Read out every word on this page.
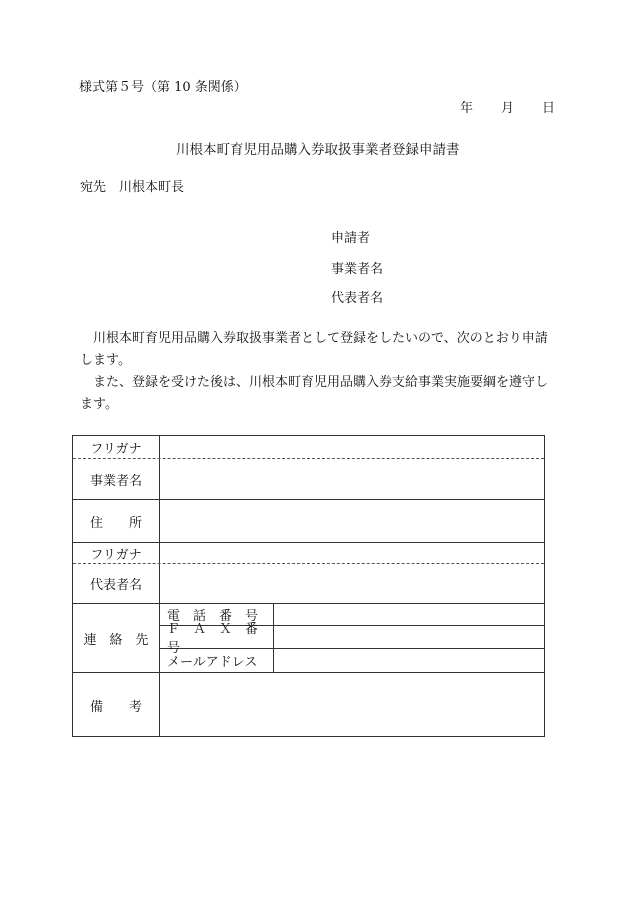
様式第５号（第 10 条関係）
年 月 日
川根本町育児用品購入券取扱事業者登録申請書
宛先　川根本町長
申請者
事業者名
代表者名

川根本町育児用品購入券取扱事業者として登録をしたいので、次のとおり申請します。

また、登録を受けた後は、川根本町育児用品購入券支給事業実施要綱を遵守します。

フリガナ
事業者名
住　　所
フリガナ
代表者名
連　絡　先
電　話　番　号
Ｆ　Ａ　Ｘ　番　号
メールアドレス
備　　考
